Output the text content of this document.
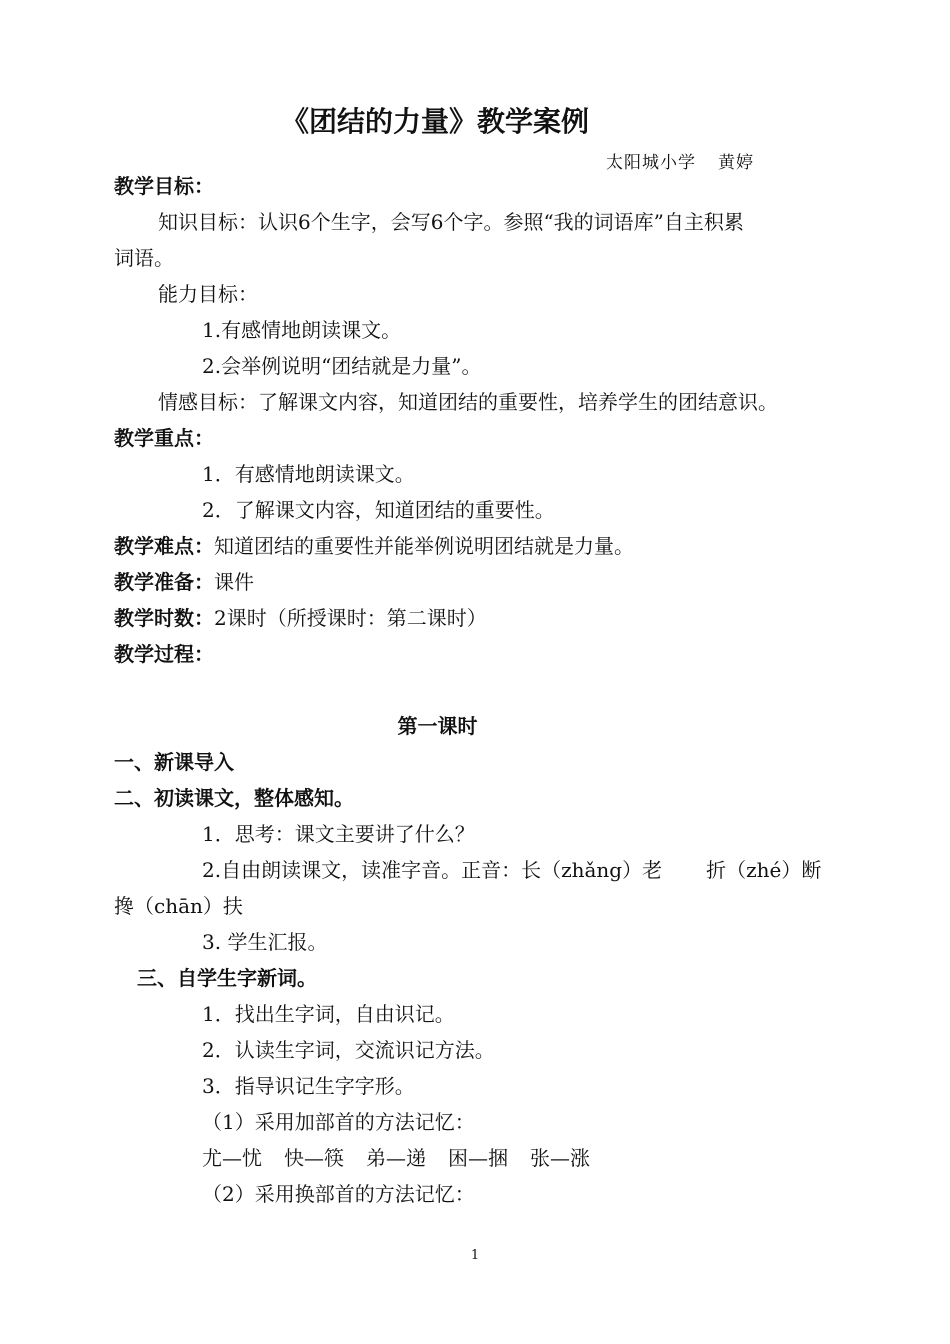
《团结的力量》教学案例
太阳城小学 黄婷
教学目标：
知识目标：认识6个生字，会写6个字。参照“我的词语库”自主积累
词语。
能力目标：
1.有感情地朗读课文。
2.会举例说明“团结就是力量”。
情感目标：了解课文内容，知道团结的重要性，培养学生的团结意识。
教学重点：
1．有感情地朗读课文。
2．了解课文内容，知道团结的重要性。
教学难点：知道团结的重要性并能举例说明团结就是力量。
教学准备：课件
教学时数：2课时（所授课时：第二课时）
教学过程：
第一课时
一、新课导入
二、初读课文，整体感知。
1．思考：课文主要讲了什么？
2.自由朗读课文，读准字音。正音：长（zhǎng）老 折（zhé）断
搀（chān）扶
3. 学生汇报。
三、自学生字新词。
1．找出生字词，自由识记。
2．认读生字词，交流识记方法。
3．指导识记生字字形。
（1）采用加部首的方法记忆：
尤—忧 快—筷 弟—递 困—捆 张—涨
（2）采用换部首的方法记忆：
1
